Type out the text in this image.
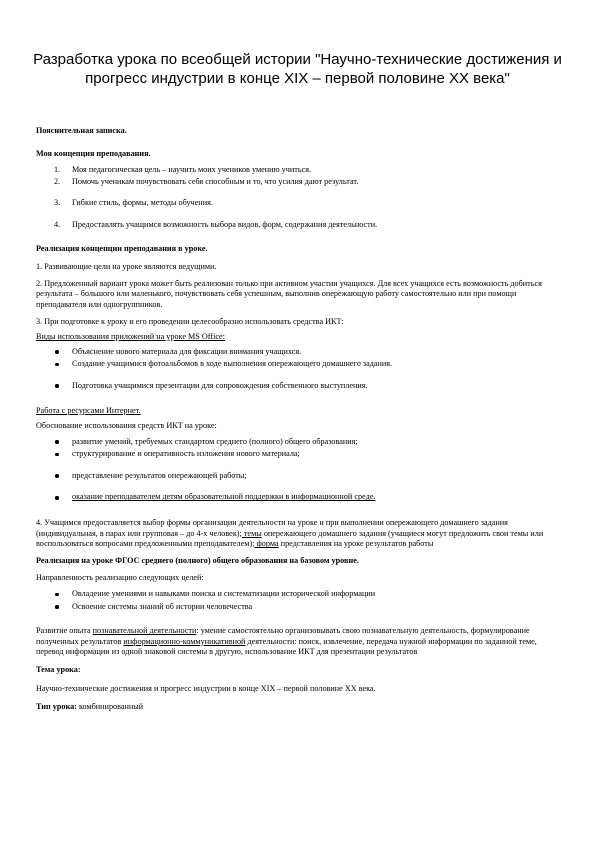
Разработка урока по всеобщей истории "Научно-технические достижения и прогресс индустрии в конце XIX – первой половине XX века"

Пояснительная записка.

Моя концепция преподавания.

1. Моя педагогическая цель – научить моих учеников умению учиться.
2. Помочь ученикам почувствовать себя способным и то, что усилия дают результат.
3. Гибкие стиль, формы, методы обучения.
4. Предоставлять учащимся возможность выбора видов, форм, содержания деятельности.

Реализация концепции преподавания в уроке.

1. Развивающие цели на уроке являются ведущими.

2. Предложенный вариант урока может быть реализован только при активном участии учащихся. Для всех учащихся есть возможность добиться результата – большого или маленького, почувствовать себя успешным, выполнив опережающую работу самостоятельно или при помощи преподавателя или одногруппников.

3. При подготовке к уроку и его проведении целесообразно использовать средства ИКТ:

Виды использования приложений на уроке MS Office:

Объяснение нового материала для фиксации внимания учащихся.
Создание учащимися фотоальбомов в ходе выполнения опережающего домашнего задания.
Подготовка учащимися презентации для сопровождения собственного выступления.

Работа с ресурсами Интернет.

Обоснование использования средств ИКТ на уроке:

развитие умений, требуемых стандартом среднего (полного) общего образования;
структурирование и оперативность изложения нового материала;
представление результатов опережающей работы;
оказание преподавателем детям образовательной поддержки в информационной среде.

4. Учащимся предоставляется выбор формы организации деятельности на уроке и при выполнении опережающего домашнего задания (индивидуальная, в парах или групповая – до 4-х человек); темы опережающего домашнего задания (учащиеся могут предложить свои темы или воспользоваться вопросами предложенными преподавателем); форма представления на уроке результатов работы

Реализация на уроке ФГОС среднего (полного) общего образования на базовом уровне.

Направленность реализацию следующих целей:

Овладение умениями и навыками поиска и систематизации исторической информации
Освоение системы знаний об истории человечества

Развитие опыта познавательной деятельности: умение самостоятельно организовывать свою познавательную деятельность, формулирование полученных результатов информационно-коммуникативной деятельности: поиск, извлечение, передача нужной информации по заданной теме, перевод информации из одной знаковой системы в другую, использование ИКТ для презентации результатов

Тема урока:

Научно-технические достижения и прогресс индустрии в конце XIX – первой половине XX века.

Тип урока: комбинированный
